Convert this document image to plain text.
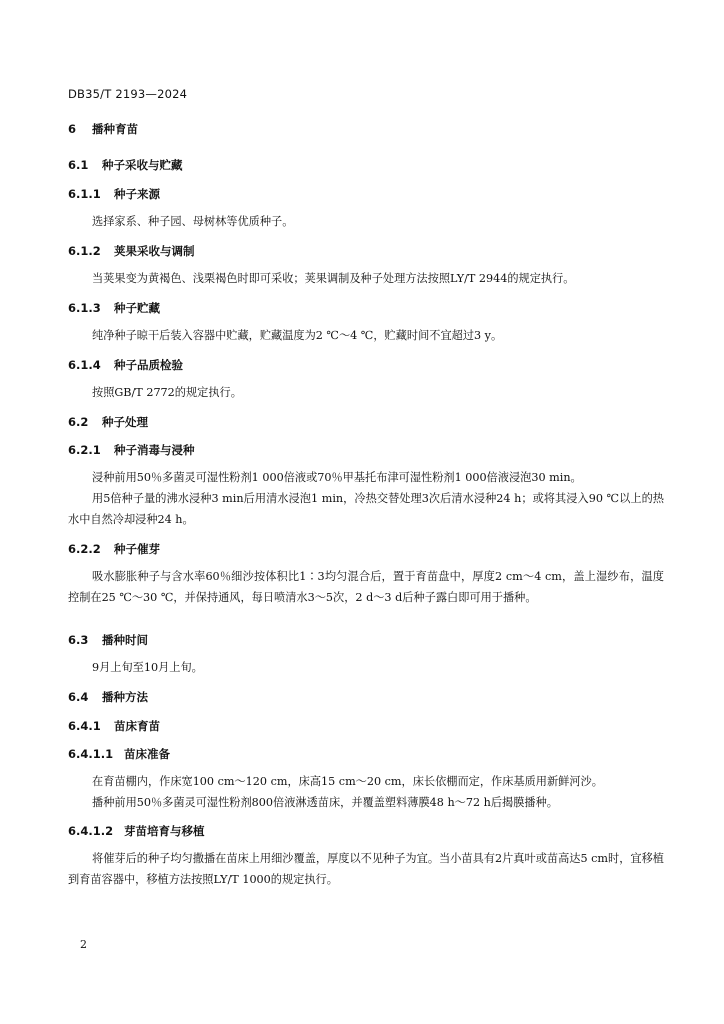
DB35/T 2193—2024
6 播种育苗
6.1 种子采收与贮藏
6.1.1 种子来源
选择家系、种子园、母树林等优质种子。
6.1.2 荚果采收与调制
当荚果变为黄褐色、浅栗褐色时即可采收；荚果调制及种子处理方法按照LY/T 2944的规定执行。
6.1.3 种子贮藏
纯净种子晾干后装入容器中贮藏，贮藏温度为2 ℃～4 ℃，贮藏时间不宜超过3 y。
6.1.4 种子品质检验
按照GB/T 2772的规定执行。
6.2 种子处理
6.2.1 种子消毒与浸种
浸种前用50％多菌灵可湿性粉剂1 000倍液或70％甲基托布津可湿性粉剂1 000倍液浸泡30 min。
用5倍种子量的沸水浸种3 min后用清水浸泡1 min，冷热交替处理3次后清水浸种24 h；或将其浸入90 ℃以上的热水中自然冷却浸种24 h。
6.2.2 种子催芽
吸水膨胀种子与含水率60％细沙按体积比1∶3均匀混合后，置于育苗盘中，厚度2 cm～4 cm，盖上湿纱布，温度控制在25 ℃～30 ℃，并保持通风，每日喷清水3～5次，2 d～3 d后种子露白即可用于播种。
6.3 播种时间
9月上旬至10月上旬。
6.4 播种方法
6.4.1 苗床育苗
6.4.1.1 苗床准备
在育苗棚内，作床宽100 cm～120 cm，床高15 cm～20 cm，床长依棚而定，作床基质用新鲜河沙。
播种前用50％多菌灵可湿性粉剂800倍液淋透苗床，并覆盖塑料薄膜48 h～72 h后揭膜播种。
6.4.1.2 芽苗培育与移植
将催芽后的种子均匀撒播在苗床上用细沙覆盖，厚度以不见种子为宜。当小苗具有2片真叶或苗高达5 cm时，宜移植到育苗容器中，移植方法按照LY/T 1000的规定执行。
2
